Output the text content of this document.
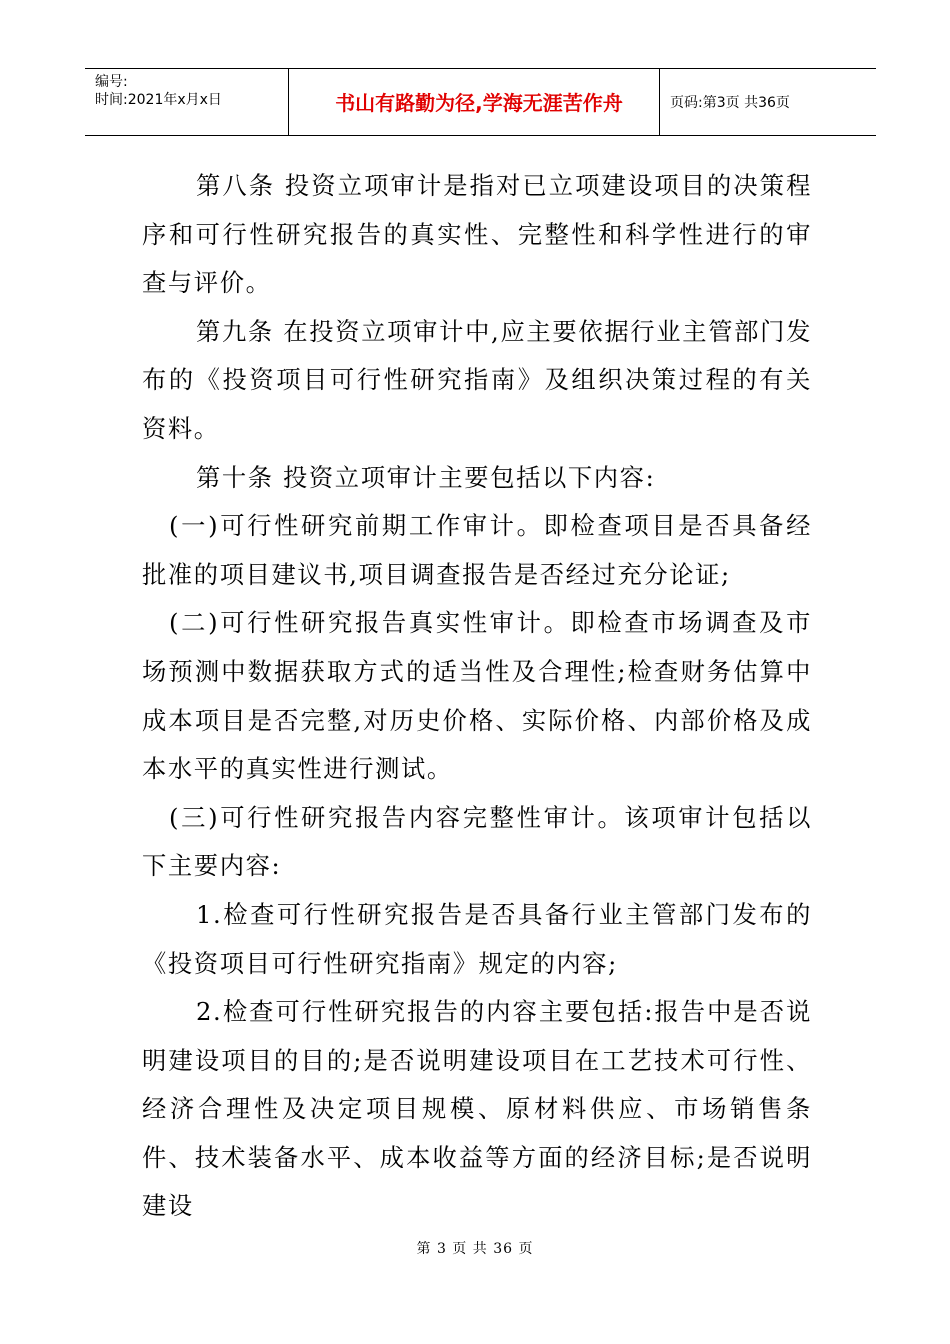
编号:
时间:2021年x月x日	书山有路勤为径,学海无涯苦作舟	页码:第3页 共36页

第八条 投资立项审计是指对已立项建设项目的决策程序和可行性研究报告的真实性、完整性和科学性进行的审查与评价。

第九条 在投资立项审计中,应主要依据行业主管部门发布的《投资项目可行性研究指南》及组织决策过程的有关资料。

第十条 投资立项审计主要包括以下内容:

(一)可行性研究前期工作审计。即检查项目是否具备经批准的项目建议书,项目调查报告是否经过充分论证;

(二)可行性研究报告真实性审计。即检查市场调查及市场预测中数据获取方式的适当性及合理性;检查财务估算中成本项目是否完整,对历史价格、实际价格、内部价格及成本水平的真实性进行测试。

(三)可行性研究报告内容完整性审计。该项审计包括以下主要内容:

1.检查可行性研究报告是否具备行业主管部门发布的《投资项目可行性研究指南》规定的内容;

2.检查可行性研究报告的内容主要包括:报告中是否说明建设项目的目的;是否说明建设项目在工艺技术可行性、经济合理性及决定项目规模、原材料供应、市场销售条件、技术装备水平、成本收益等方面的经济目标;是否说明建设

第 3 页 共 36 页
